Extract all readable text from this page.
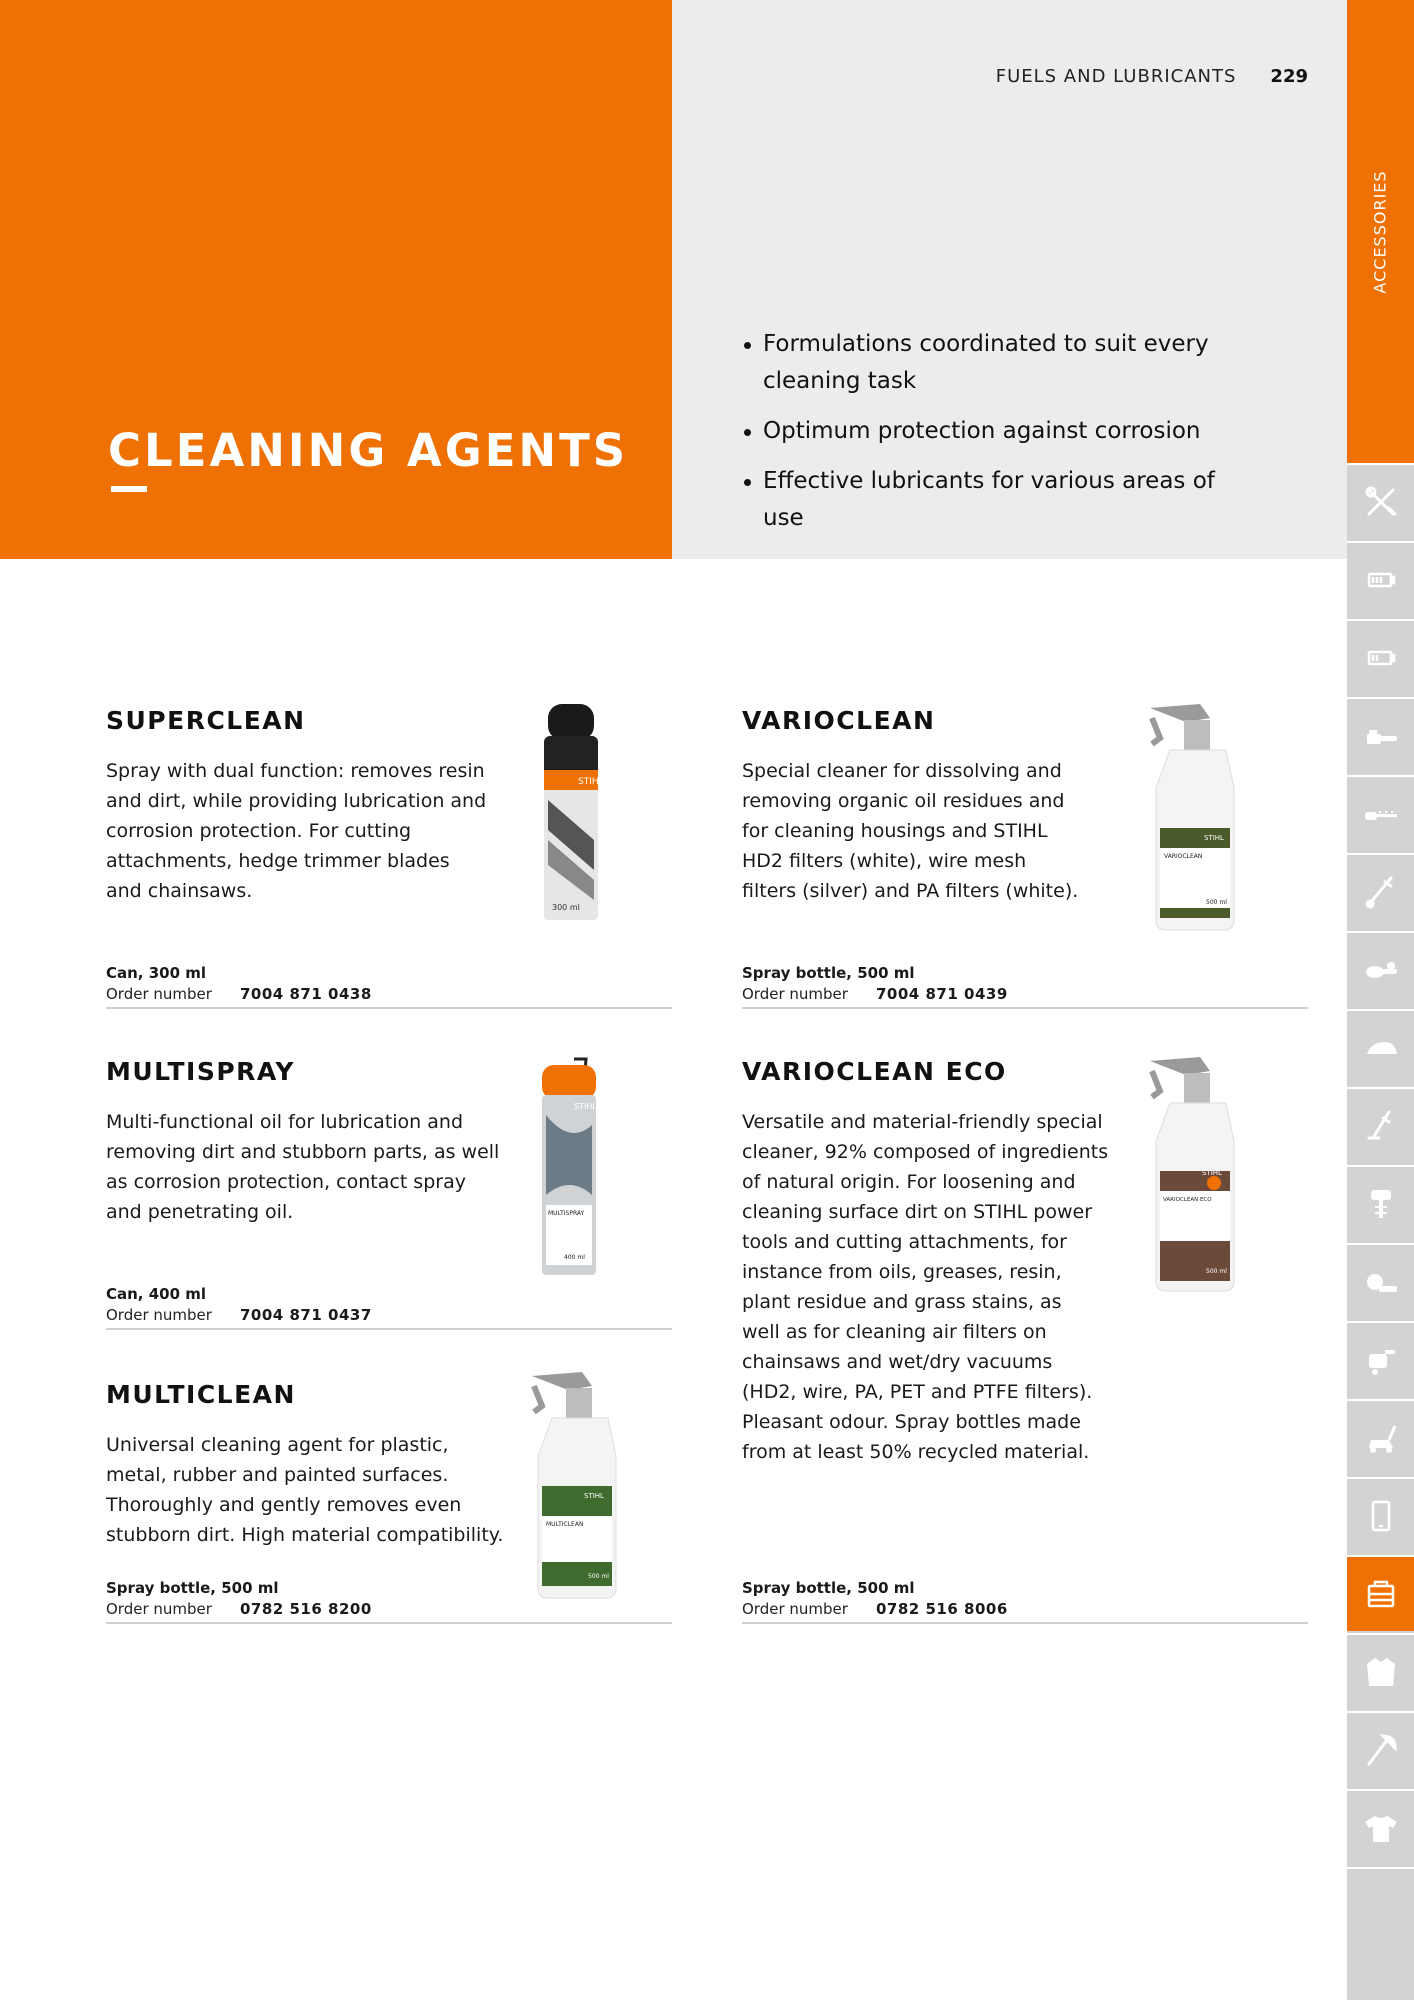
CLEANING AGENTS
FUELS AND LUBRICANTS 229
Formulations coordinated to suit every cleaning task
Optimum protection against corrosion
Effective lubricants for various areas of use
ACCESSORIES
SUPERCLEAN

Spray with dual function: removes resin
and dirt, while providing lubrication and
corrosion protection. For cutting
attachments, hedge trimmer blades
and chainsaws.

Can, 300 ml
Order number	7004 871 0438
STIHL
300 ml
VARIOCLEAN

Special cleaner for dissolving and
removing organic oil residues and
for cleaning housings and STIHL
HD2 filters (white), wire mesh
filters (silver) and PA filters (white).

Spray bottle, 500 ml
Order number	7004 871 0439
STIHL
VARIOCLEAN
500 ml
MULTISPRAY

Multi-functional oil for lubrication and
removing dirt and stubborn parts, as well
as corrosion protection, contact spray
and penetrating oil.

Can, 400 ml
Order number	7004 871 0437
STIHL
MULTISPRAY
400 ml
VARIOCLEAN ECO

Versatile and material-friendly special
cleaner, 92% composed of ingredients
of natural origin. For loosening and
cleaning surface dirt on STIHL power
tools and cutting attachments, for
instance from oils, greases, resin,
plant residue and grass stains, as
well as for cleaning air filters on
chainsaws and wet/dry vacuums
(HD2, wire, PA, PET and PTFE filters).
Pleasant odour. Spray bottles made
from at least 50% recycled material.

Spray bottle, 500 ml
Order number	0782 516 8006
STIHL
VARIOCLEAN ECO
500 ml
MULTICLEAN

Universal cleaning agent for plastic,
metal, rubber and painted surfaces.
Thoroughly and gently removes even
stubborn dirt. High material compatibility.

Spray bottle, 500 ml
Order number	0782 516 8200
STIHL
MULTICLEAN
500 ml
